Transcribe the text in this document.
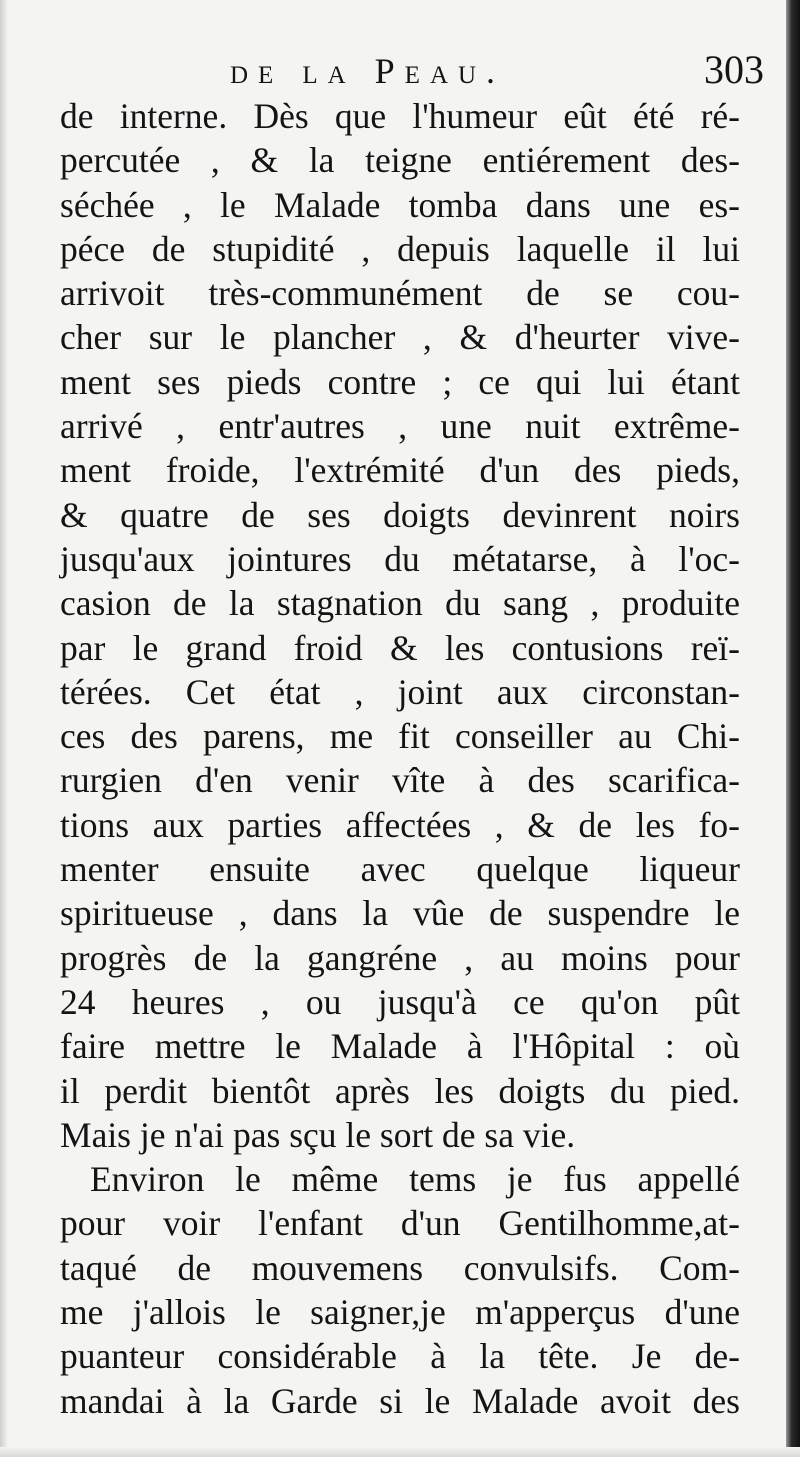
de la Peau.	303
de interne. Dès que l'humeur eût été ré-
percutée , & la teigne entiérement des-
séchée , le Malade tomba dans une es-
péce de stupidité , depuis laquelle il lui
arrivoit très-communément de se cou-
cher sur le plancher , & d'heurter vive-
ment ses pieds contre ; ce qui lui étant
arrivé , entr'autres , une nuit extrême-
ment froide, l'extrémité d'un des pieds,
& quatre de ses doigts devinrent noirs
jusqu'aux jointures du métatarse, à l'oc-
casion de la stagnation du sang , produite
par le grand froid & les contusions reï-
térées. Cet état , joint aux circonstan-
ces des parens, me fit conseiller au Chi-
rurgien d'en venir vîte à des scarifica-
tions aux parties affectées , & de les fo-
menter ensuite avec quelque liqueur
spiritueuse , dans la vûe de suspendre le
progrès de la gangréne , au moins pour
24 heures , ou jusqu'à ce qu'on pût
faire mettre le Malade à l'Hôpital : où
il perdit bientôt après les doigts du pied.
Mais je n'ai pas sçu le sort de sa vie.
Environ le même tems je fus appellé
pour voir l'enfant d'un Gentilhomme,at-
taqué de mouvemens convulsifs. Com-
me j'allois le saigner,je m'apperçus d'une
puanteur considérable à la tête. Je de-
mandai à la Garde si le Malade avoit des
